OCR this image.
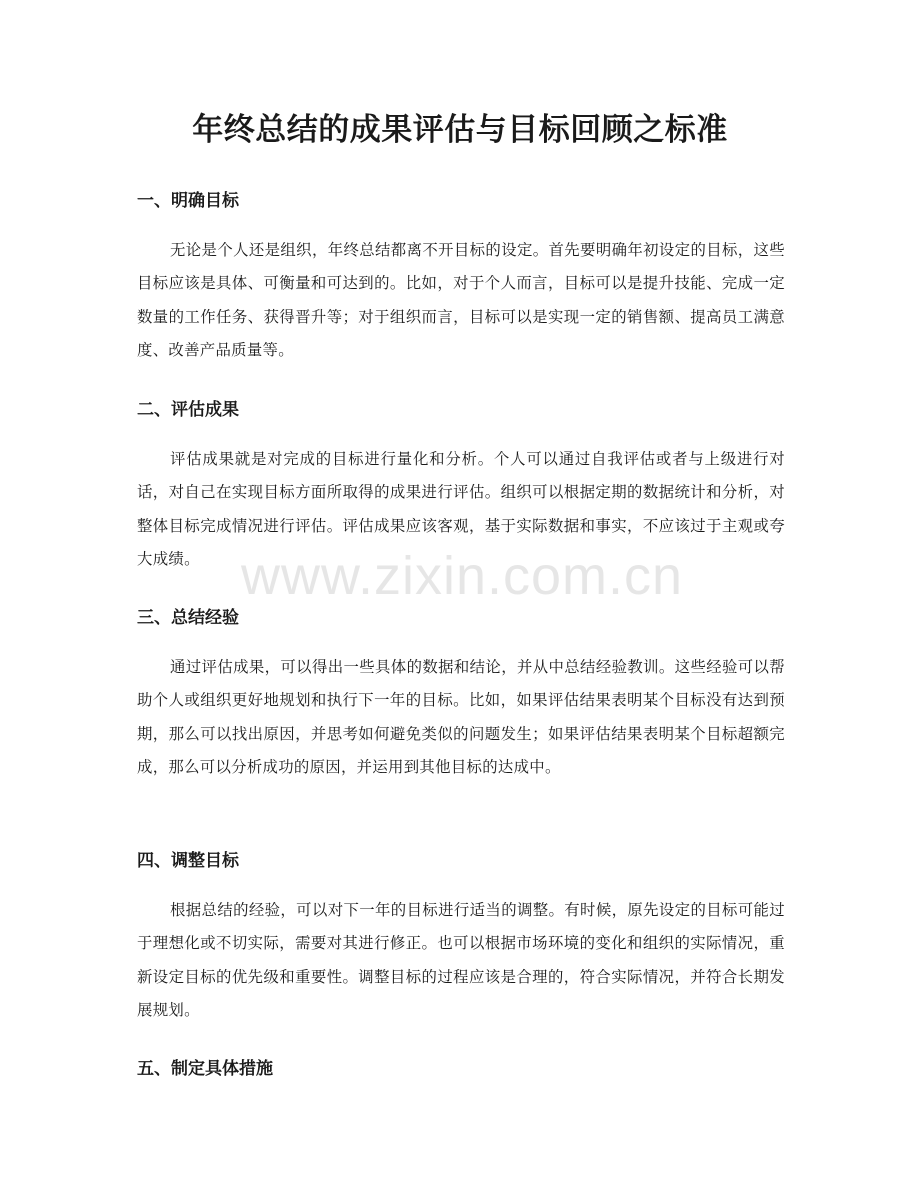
年终总结的成果评估与目标回顾之标准
一、明确目标

无论是个人还是组织，年终总结都离不开目标的设定。首先要明确年初设定的目标，这些目标应该是具体、可衡量和可达到的。比如，对于个人而言，目标可以是提升技能、完成一定数量的工作任务、获得晋升等；对于组织而言，目标可以是实现一定的销售额、提高员工满意度、改善产品质量等。

二、评估成果

评估成果就是对完成的目标进行量化和分析。个人可以通过自我评估或者与上级进行对话，对自己在实现目标方面所取得的成果进行评估。组织可以根据定期的数据统计和分析，对整体目标完成情况进行评估。评估成果应该客观，基于实际数据和事实，不应该过于主观或夸大成绩。

三、总结经验

通过评估成果，可以得出一些具体的数据和结论，并从中总结经验教训。这些经验可以帮助个人或组织更好地规划和执行下一年的目标。比如，如果评估结果表明某个目标没有达到预期，那么可以找出原因，并思考如何避免类似的问题发生；如果评估结果表明某个目标超额完成，那么可以分析成功的原因，并运用到其他目标的达成中。

四、调整目标

根据总结的经验，可以对下一年的目标进行适当的调整。有时候，原先设定的目标可能过于理想化或不切实际，需要对其进行修正。也可以根据市场环境的变化和组织的实际情况，重新设定目标的优先级和重要性。调整目标的过程应该是合理的，符合实际情况，并符合长期发展规划。

五、制定具体措施
www.zixin.com.cn
